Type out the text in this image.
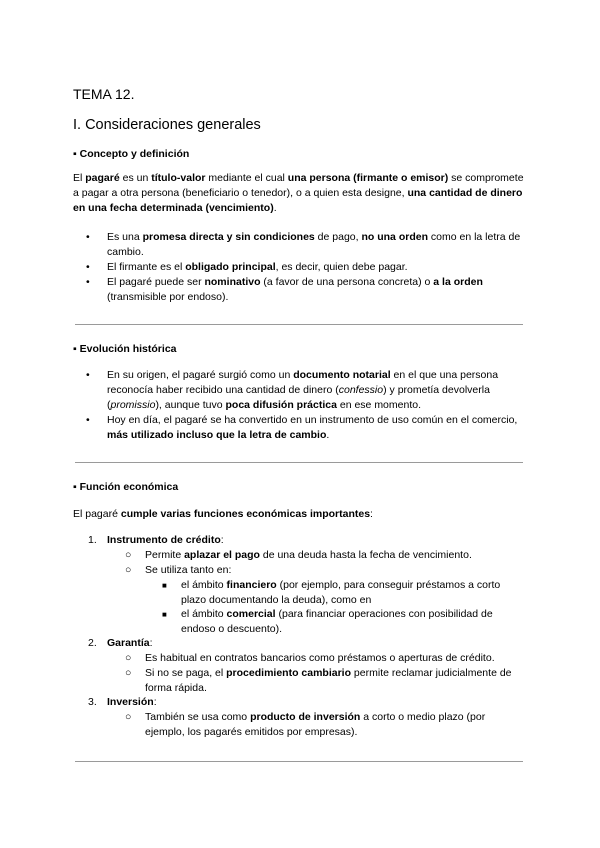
TEMA 12.
I. Consideraciones generales
▪ Concepto y definición
El pagaré es un título-valor mediante el cual una persona (firmante o emisor) se compromete a pagar a otra persona (beneficiario o tenedor), o a quien esta designe, una cantidad de dinero en una fecha determinada (vencimiento).
• Es una promesa directa y sin condiciones de pago, no una orden como en la letra de cambio.
• El firmante es el obligado principal, es decir, quien debe pagar.
• El pagaré puede ser nominativo (a favor de una persona concreta) o a la orden (transmisible por endoso).
▪ Evolución histórica
• En su origen, el pagaré surgió como un documento notarial en el que una persona reconocía haber recibido una cantidad de dinero (confessio) y prometía devolverla (promissio), aunque tuvo poca difusión práctica en ese momento.
• Hoy en día, el pagaré se ha convertido en un instrumento de uso común en el comercio, más utilizado incluso que la letra de cambio.
▪ Función económica
El pagaré cumple varias funciones económicas importantes:
1. Instrumento de crédito:
○ Permite aplazar el pago de una deuda hasta la fecha de vencimiento.
○ Se utiliza tanto en:
■ el ámbito financiero (por ejemplo, para conseguir préstamos a corto plazo documentando la deuda), como en
■ el ámbito comercial (para financiar operaciones con posibilidad de endoso o descuento).
2. Garantía:
○ Es habitual en contratos bancarios como préstamos o aperturas de crédito.
○ Si no se paga, el procedimiento cambiario permite reclamar judicialmente de forma rápida.
3. Inversión:
○ También se usa como producto de inversión a corto o medio plazo (por ejemplo, los pagarés emitidos por empresas).
